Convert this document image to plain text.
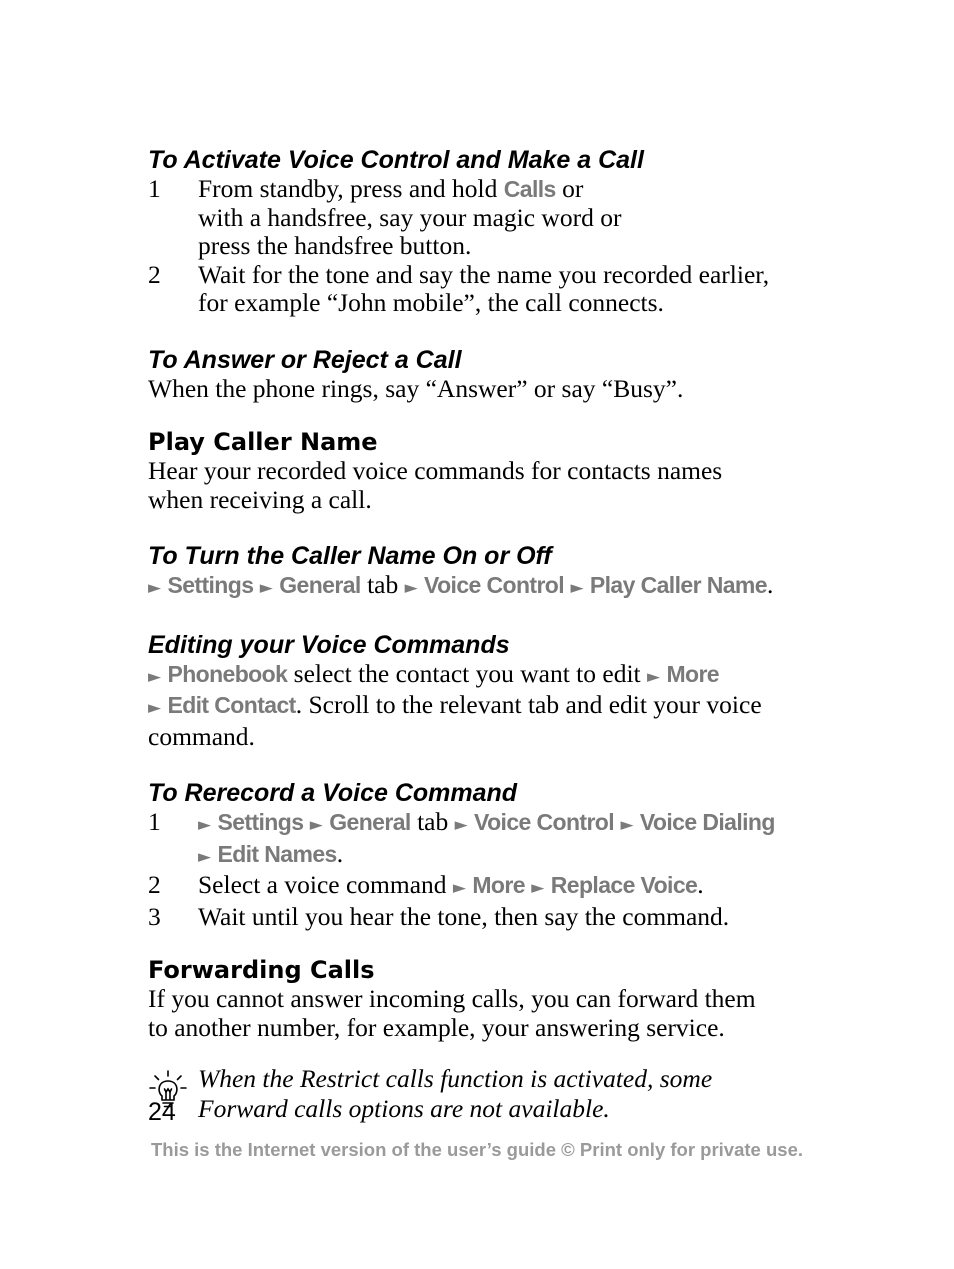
To Activate Voice Control and Make a Call

1	From standby, press and hold Calls or
with a handsfree, say your magic word or
press the handsfree button.
2	Wait for the tone and say the name you recorded earlier,
for example “John mobile”, the call connects.

To Answer or Reject a Call

When the phone rings, say “Answer” or say “Busy”.

Play Caller Name

Hear your recorded voice commands for contacts names
when receiving a call.

To Turn the Caller Name On or Off

► Settings ► General tab ► Voice Control ► Play Caller Name.

Editing your Voice Commands

► Phonebook select the contact you want to edit ► More
► Edit Contact. Scroll to the relevant tab and edit your voice
command.

To Rerecord a Voice Command

1	► Settings ► General tab ► Voice Control ► Voice Dialing
► Edit Names.
2	Select a voice command ► More ► Replace Voice.
3	Wait until you hear the tone, then say the command.

Forwarding Calls

If you cannot answer incoming calls, you can forward them
to another number, for example, your answering service.

When the Restrict calls function is activated, some
Forward calls options are not available.
24
This is the Internet version of the user’s guide © Print only for private use.
